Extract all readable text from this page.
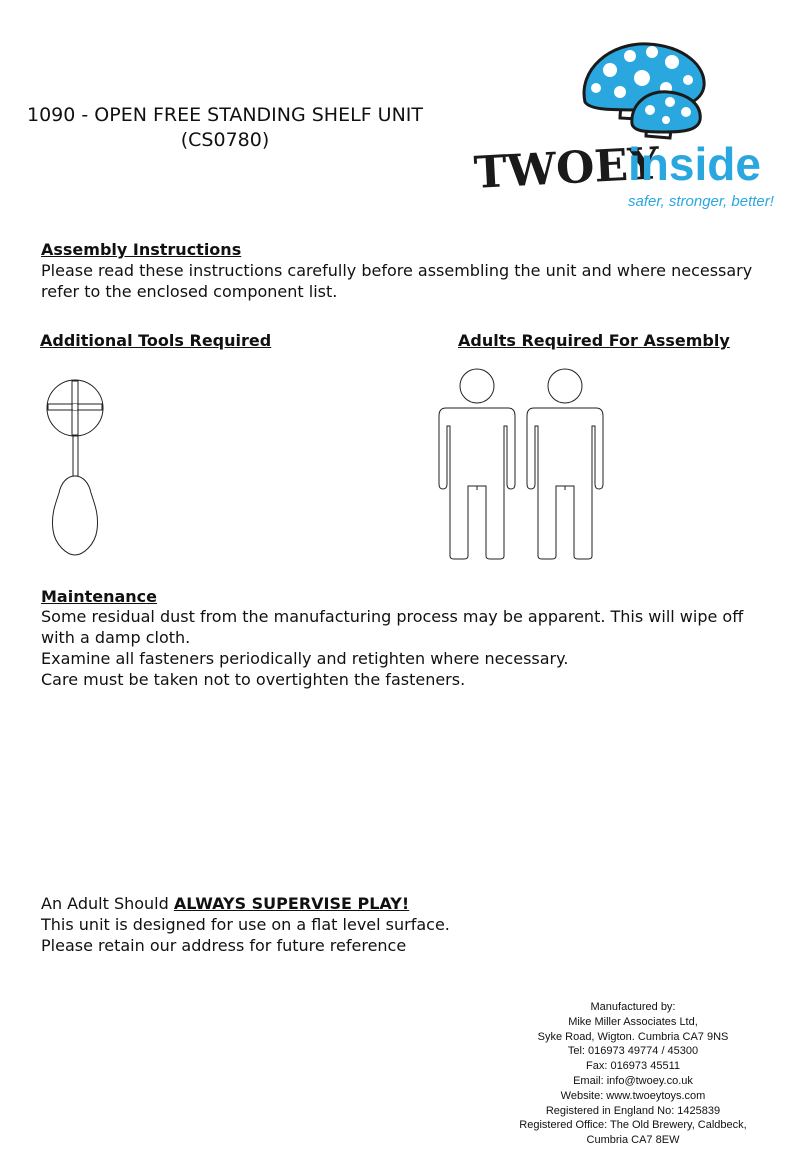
1090 - OPEN FREE STANDING SHELF UNIT
(CS0780)	TWOEY
inside
safer, stronger, better!
Assembly Instructions

Please read these instructions carefully before assembling the unit and where necessary

refer to the enclosed component list.

Additional Tools Required	Adults Required For Assembly
Maintenance

Some residual dust from the manufacturing process may be apparent. This will wipe off

with a damp cloth.

Examine all fasteners periodically and retighten where necessary.

Care must be taken not to overtighten the fasteners.

An Adult Should ALWAYS SUPERVISE PLAY!

This unit is designed for use on a flat level surface.

Please retain our address for future reference

Manufactured by:
Mike Miller Associates Ltd,
Syke Road, Wigton. Cumbria CA7 9NS
Tel: 016973 49774 / 45300
Fax: 016973 45511
Email: info@twoey.co.uk
Website: www.twoeytoys.com
Registered in England No: 1425839
Registered Office: The Old Brewery, Caldbeck,
Cumbria CA7 8EW
